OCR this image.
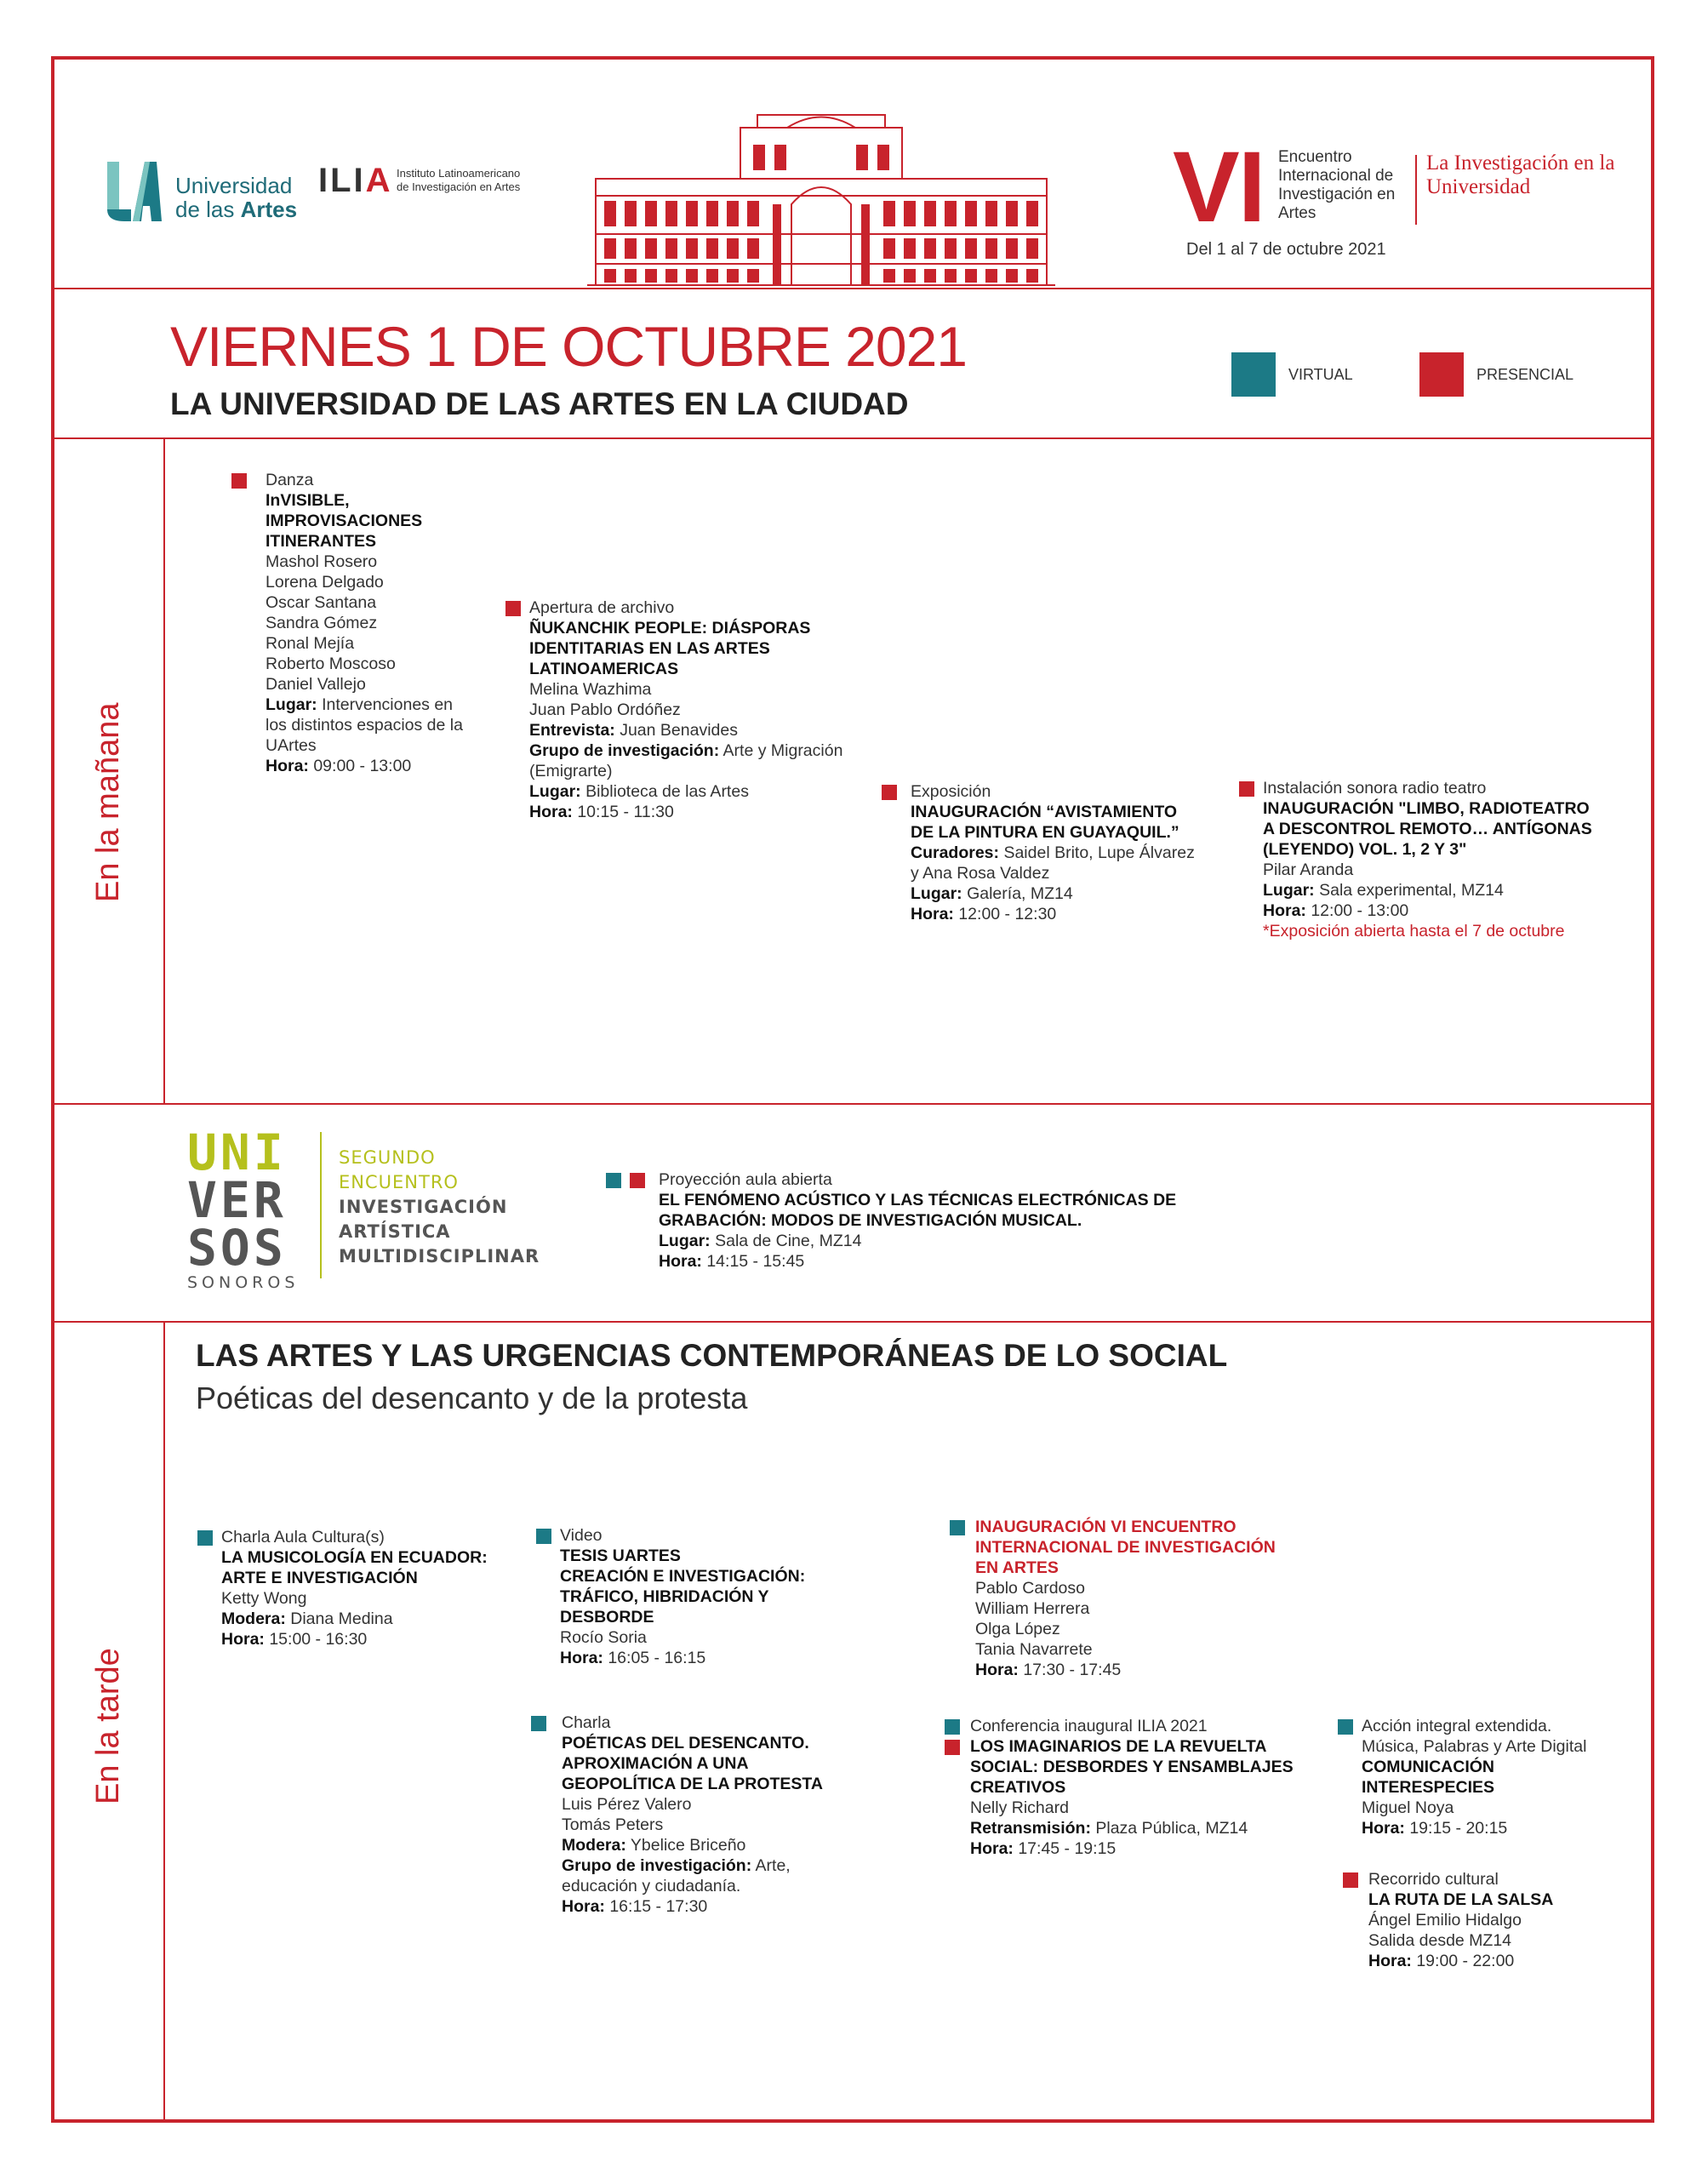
Universidad
de las Artes
ILIA Instituto Latinoamericano de Investigación en Artes	VI Encuentro Internacional de Investigación en Artes
La Investigación en la Universidad
Del 1 al 7 de octubre 2021
VIERNES 1 DE OCTUBRE 2021
LA UNIVERSIDAD DE LAS ARTES EN LA CIUDAD
VIRTUAL	PRESENCIAL
En la mañana
En la tarde
Danza
InVISIBLE,
IMPROVISACIONES
ITINERANTES
Mashol Rosero
Lorena Delgado
Oscar Santana
Sandra Gómez
Ronal Mejía
Roberto Moscoso
Daniel Vallejo
Lugar: Intervenciones en los distintos espacios de la UArtes
Hora: 09:00 - 13:00
Apertura de archivo
ÑUKANCHIK PEOPLE: DIÁSPORAS
IDENTITARIAS EN LAS ARTES
LATINOAMERICAS
Melina Wazhima
Juan Pablo Ordóñez
Entrevista: Juan Benavides
Grupo de investigación: Arte y Migración (Emigrarte)
Lugar: Biblioteca de las Artes
Hora: 10:15 - 11:30
Exposición
INAUGURACIÓN “AVISTAMIENTO
DE LA PINTURA EN GUAYAQUIL.”
Curadores: Saidel Brito, Lupe Álvarez y Ana Rosa Valdez
Lugar: Galería, MZ14
Hora: 12:00 - 12:30
Instalación sonora radio teatro
INAUGURACIÓN "LIMBO, RADIOTEATRO
A DESCONTROL REMOTO… ANTÍGONAS
(LEYENDO) VOL. 1, 2 Y 3"
Pilar Aranda
Lugar: Sala experimental, MZ14
Hora: 12:00 - 13:00
*Exposición abierta hasta el 7 de octubre
UNI
VER
SOS
SONOROS
SEGUNDO
ENCUENTRO
INVESTIGACIÓN
ARTÍSTICA
MULTIDISCIPLINAR
Proyección aula abierta
EL FENÓMENO ACÚSTICO Y LAS TÉCNICAS ELECTRÓNICAS DE
GRABACIÓN: MODOS DE INVESTIGACIÓN MUSICAL.
Lugar: Sala de Cine, MZ14
Hora: 14:15 - 15:45
LAS ARTES Y LAS URGENCIAS CONTEMPORÁNEAS DE LO SOCIAL
Poéticas del desencanto y de la protesta
Charla Aula Cultura(s)
LA MUSICOLOGÍA EN ECUADOR:
ARTE E INVESTIGACIÓN
Ketty Wong
Modera: Diana Medina
Hora: 15:00 - 16:30
Video
TESIS UARTES
CREACIÓN E INVESTIGACIÓN:
TRÁFICO, HIBRIDACIÓN Y
DESBORDE
Rocío Soria
Hora: 16:05 - 16:15
INAUGURACIÓN VI ENCUENTRO
INTERNACIONAL DE INVESTIGACIÓN
EN ARTES
Pablo Cardoso
William Herrera
Olga López
Tania Navarrete
Hora: 17:30 - 17:45
Charla
POÉTICAS DEL DESENCANTO.
APROXIMACIÓN A UNA
GEOPOLÍTICA DE LA PROTESTA
Luis Pérez Valero
Tomás Peters
Modera: Ybelice Briceño
Grupo de investigación: Arte, educación y ciudadanía.
Hora: 16:15 - 17:30
Conferencia inaugural ILIA 2021
LOS IMAGINARIOS DE LA REVUELTA
SOCIAL: DESBORDES Y ENSAMBLAJES
CREATIVOS
Nelly Richard
Retransmisión: Plaza Pública, MZ14
Hora: 17:45 - 19:15
Acción integral extendida.
Música, Palabras y Arte Digital
COMUNICACIÓN
INTERESPECIES
Miguel Noya
Hora: 19:15 - 20:15
Recorrido cultural
LA RUTA DE LA SALSA
Ángel Emilio Hidalgo
Salida desde MZ14
Hora: 19:00 - 22:00
